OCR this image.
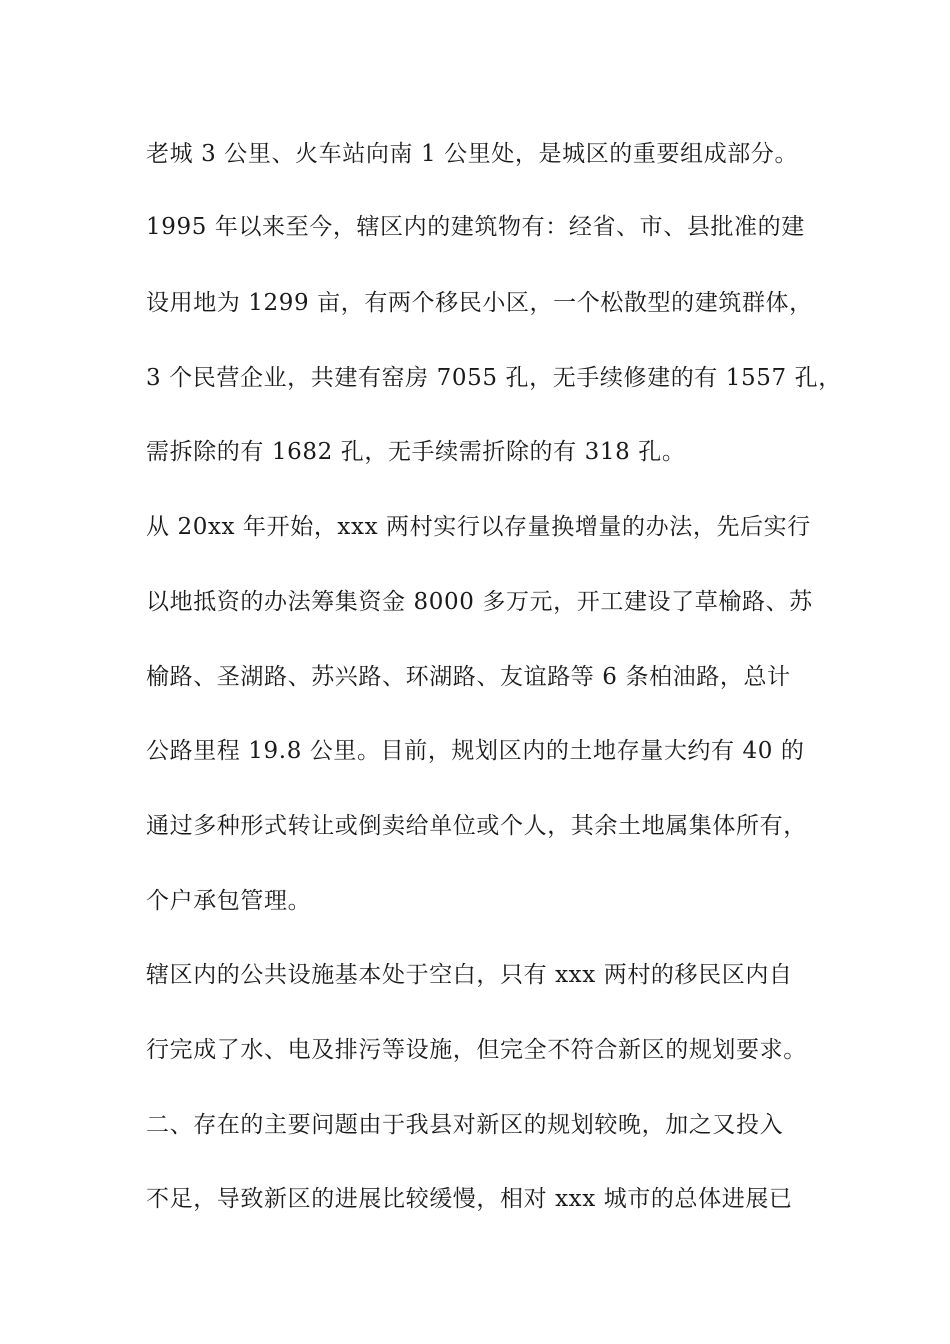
老城 3 公里、火车站向南 1 公里处，是城区的重要组成部分。
1995 年以来至今，辖区内的建筑物有：经省、市、县批准的建
设用地为 1299 亩，有两个移民小区，一个松散型的建筑群体，
3 个民营企业，共建有窑房 7055 孔，无手续修建的有 1557 孔，
需拆除的有 1682 孔，无手续需折除的有 318 孔。
从 20xx 年开始，xxx 两村实行以存量换增量的办法，先后实行
以地抵资的办法筹集资金 8000 多万元，开工建设了草榆路、苏
榆路、圣湖路、苏兴路、环湖路、友谊路等 6 条柏油路，总计
公路里程 19.8 公里。目前，规划区内的土地存量大约有 40 的
通过多种形式转让或倒卖给单位或个人，其余土地属集体所有，
个户承包管理。
辖区内的公共设施基本处于空白，只有 xxx 两村的移民区内自
行完成了水、电及排污等设施，但完全不符合新区的规划要求。
二、存在的主要问题由于我县对新区的规划较晚，加之又投入
不足，导致新区的进展比较缓慢，相对 xxx 城市的总体进展已
